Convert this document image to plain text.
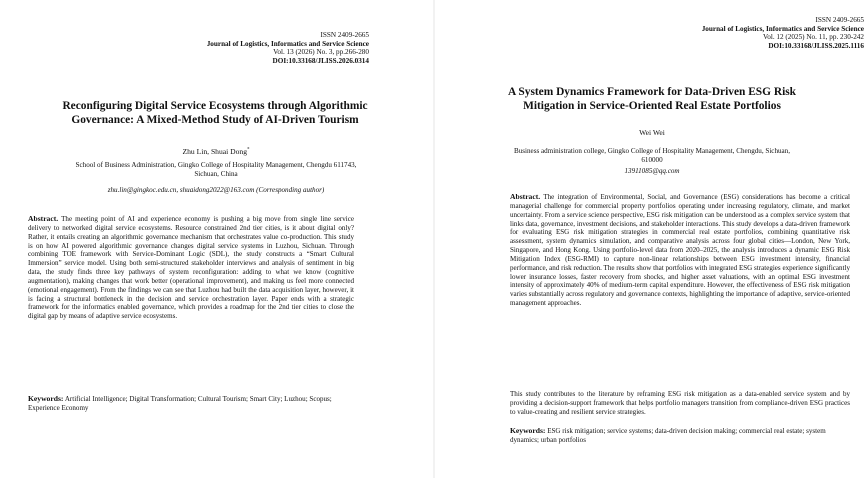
ISSN 2409-2665
Journal of Logistics, Informatics and Service Science
Vol. 13 (2026) No. 3, pp.266-280
DOI:10.33168/JLISS.2026.0314
Reconfiguring Digital Service Ecosystems through Algorithmic
Governance: A Mixed-Method Study of AI-Driven Tourism
Zhu Lin, Shuai Dong*
School of Business Administration, Gingko College of Hospitality Management, Chengdu 611743,
Sichuan, China
zhu.lin@gingkoc.edu.cn, shuaidong2022@163.com (Corresponding author)

Abstract. The meeting point of AI and experience economy is pushing a big move from single line service delivery to networked digital service ecosystems. Resource constrained 2nd tier cities, is it about digital only? Rather, it entails creating an algorithmic governance mechanism that orchestrates value co-production. This study is on how AI powered algorithmic governance changes digital service systems in Luzhou, Sichuan. Through combining TOE framework with Service-Dominant Logic (SDL), the study constructs a “Smart Cultural Immersion” service model. Using both semi-structured stakeholder interviews and analysis of sentiment in big data, the study finds three key pathways of system reconfiguration: adding to what we know (cognitive augmentation), making changes that work better (operational improvement), and making us feel more connected (emotional engagement). From the findings we can see that Luzhou had built the data acquisition layer, however, it is facing a structural bottleneck in the decision and service orchestration layer. Paper ends with a strategic framework for the informatics enabled governance, which provides a roadmap for the 2nd tier cities to close the digital gap by means of adaptive service ecosystems.

Keywords: Artificial Intelligence; Digital Transformation; Cultural Tourism; Smart City; Luzhou; Scopus; Experience Economy

ISSN 2409-2665
Journal of Logistics, Informatics and Service Science
Vol. 12 (2025) No. 11, pp. 230-242
DOI:10.33168/JLISS.2025.1116
A System Dynamics Framework for Data-Driven ESG Risk
Mitigation in Service-Oriented Real Estate Portfolios
Wei Wei
Business administration college, Gingko College of Hospitality Management, Chengdu, Sichuan,
610000
13911085@qq.com

Abstract. The integration of Environmental, Social, and Governance (ESG) considerations has become a critical managerial challenge for commercial property portfolios operating under increasing regulatory, climate, and market uncertainty. From a service science perspective, ESG risk mitigation can be understood as a complex service system that links data, governance, investment decisions, and stakeholder interactions. This study develops a data-driven framework for evaluating ESG risk mitigation strategies in commercial real estate portfolios, combining quantitative risk assessment, system dynamics simulation, and comparative analysis across four global cities—London, New York, Singapore, and Hong Kong. Using portfolio-level data from 2020–2025, the analysis introduces a dynamic ESG Risk Mitigation Index (ESG-RMI) to capture non-linear relationships between ESG investment intensity, financial performance, and risk reduction. The results show that portfolios with integrated ESG strategies experience significantly lower insurance losses, faster recovery from shocks, and higher asset valuations, with an optimal ESG investment intensity of approximately 40% of medium-term capital expenditure. However, the effectiveness of ESG risk mitigation varies substantially across regulatory and governance contexts, highlighting the importance of adaptive, service-oriented management approaches.

This study contributes to the literature by reframing ESG risk mitigation as a data-enabled service system and by providing a decision-support framework that helps portfolio managers transition from compliance-driven ESG practices to value-creating and resilient service strategies.

Keywords: ESG risk mitigation; service systems; data-driven decision making; commercial real estate; system dynamics; urban portfolios
